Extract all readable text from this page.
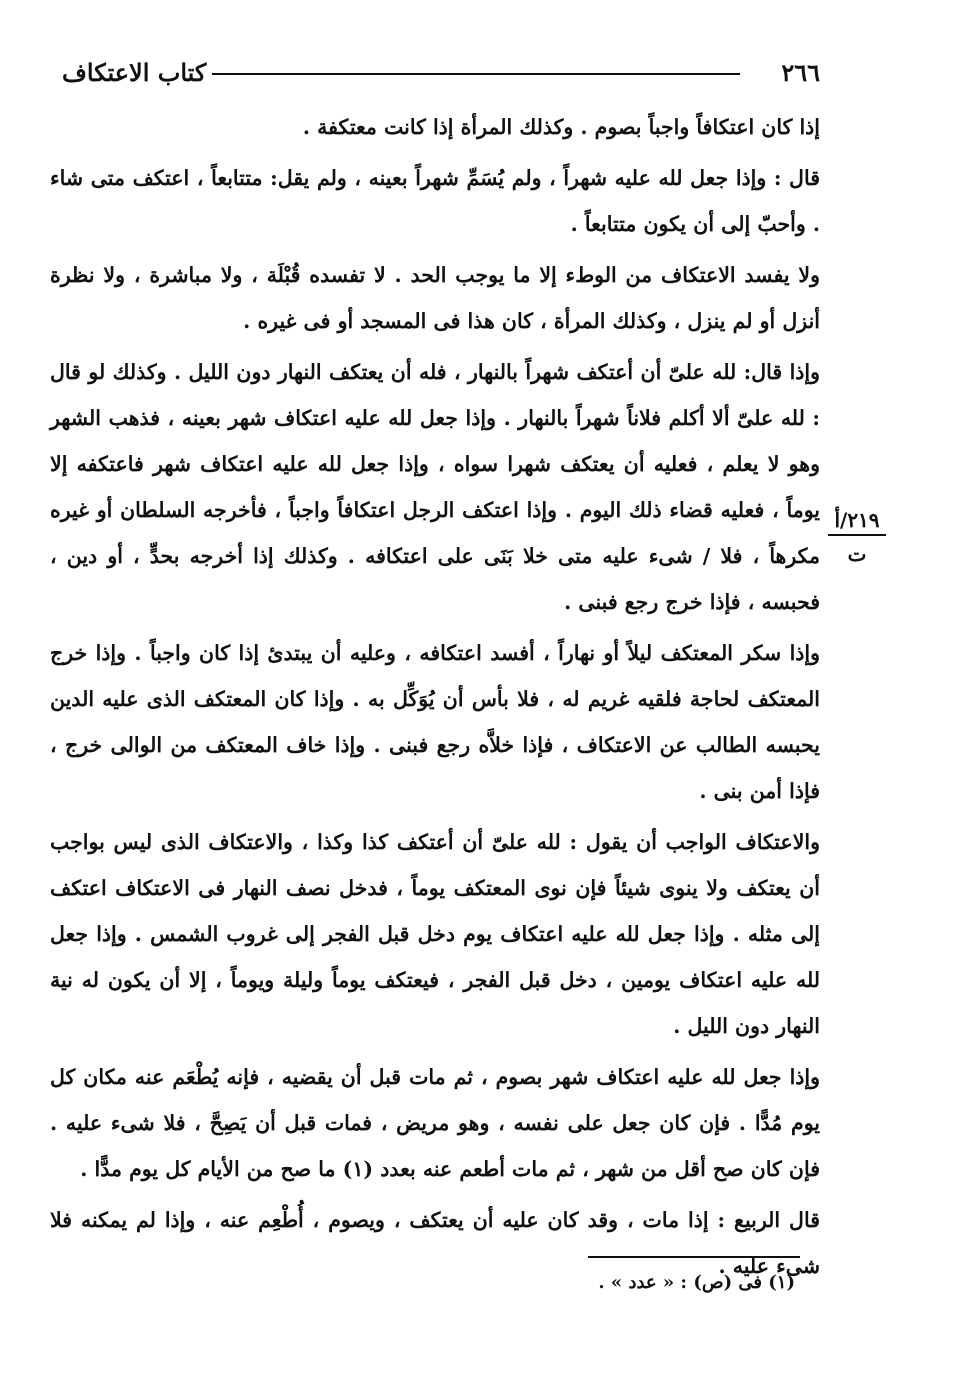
٢٦٦
كتاب الاعتكاف

إذا كان اعتكافاً واجباً بصوم . وكذلك المرأة إذا كانت معتكفة .

قال : وإذا جعل لله عليه شهراً ، ولم يُسَمِّ شهراً بعينه ، ولم يقل: متتابعاً ، اعتكف متى شاء . وأحبّ إلى أن يكون متتابعاً .

ولا يفسد الاعتكاف من الوطء إلا ما يوجب الحد . لا تفسده قُبْلَة ، ولا مباشرة ، ولا نظرة أنزل أو لم ينزل ، وكذلك المرأة ، كان هذا فى المسجد أو فى غيره .

وإذا قال: لله علىّ أن أعتكف شهراً بالنهار ، فله أن يعتكف النهار دون الليل . وكذلك لو قال : لله علىّ ألا أكلم فلاناً شهراً بالنهار . وإذا جعل لله عليه اعتكاف شهر بعينه ، فذهب الشهر وهو لا يعلم ، فعليه أن يعتكف شهرا سواه ، وإذا جعل لله عليه اعتكاف شهر فاعتكفه إلا يوماً ، فعليه قضاء ذلك اليوم . وإذا اعتكف الرجل اعتكافاً واجباً ، فأخرجه السلطان أو غيره مكرهاً ، فلا / شىء عليه متى خلا بَنَى على اعتكافه . وكذلك إذا أخرجه بحدٍّ ، أو دين ، فحبسه ، فإذا خرج رجع فبنى .

وإذا سكر المعتكف ليلاً أو نهاراً ، أفسد اعتكافه ، وعليه أن يبتدئ إذا كان واجباً . وإذا خرج المعتكف لحاجة فلقيه غريم له ، فلا بأس أن يُوَكِّل به . وإذا كان المعتكف الذى عليه الدين يحبسه الطالب عن الاعتكاف ، فإذا خلاَّه رجع فبنى . وإذا خاف المعتكف من الوالى خرج ، فإذا أمن بنى .

والاعتكاف الواجب أن يقول : لله علىّ أن أعتكف كذا وكذا ، والاعتكاف الذى ليس بواجب أن يعتكف ولا ينوى شيئاً فإن نوى المعتكف يوماً ، فدخل نصف النهار فى الاعتكاف اعتكف إلى مثله . وإذا جعل لله عليه اعتكاف يوم دخل قبل الفجر إلى غروب الشمس . وإذا جعل لله عليه اعتكاف يومين ، دخل قبل الفجر ، فيعتكف يوماً وليلة ويوماً ، إلا أن يكون له نية النهار دون الليل .

وإذا جعل لله عليه اعتكاف شهر بصوم ، ثم مات قبل أن يقضيه ، فإنه يُطْعَم عنه مكان كل يوم مُدًّا . فإن كان جعل على نفسه ، وهو مريض ، فمات قبل أن يَصِحَّ ، فلا شىء عليه . فإن كان صح أقل من شهر ، ثم مات أطعم عنه بعدد (١) ما صح من الأيام كل يوم مدًّا .

قال الربيع : إذا مات ، وقد كان عليه أن يعتكف ، ويصوم ، أُطْعِم عنه ، وإذا لم يمكنه فلا شىء عليه .

٢١٩/أ
ت
(١) فى (ص) : « عدد » .
